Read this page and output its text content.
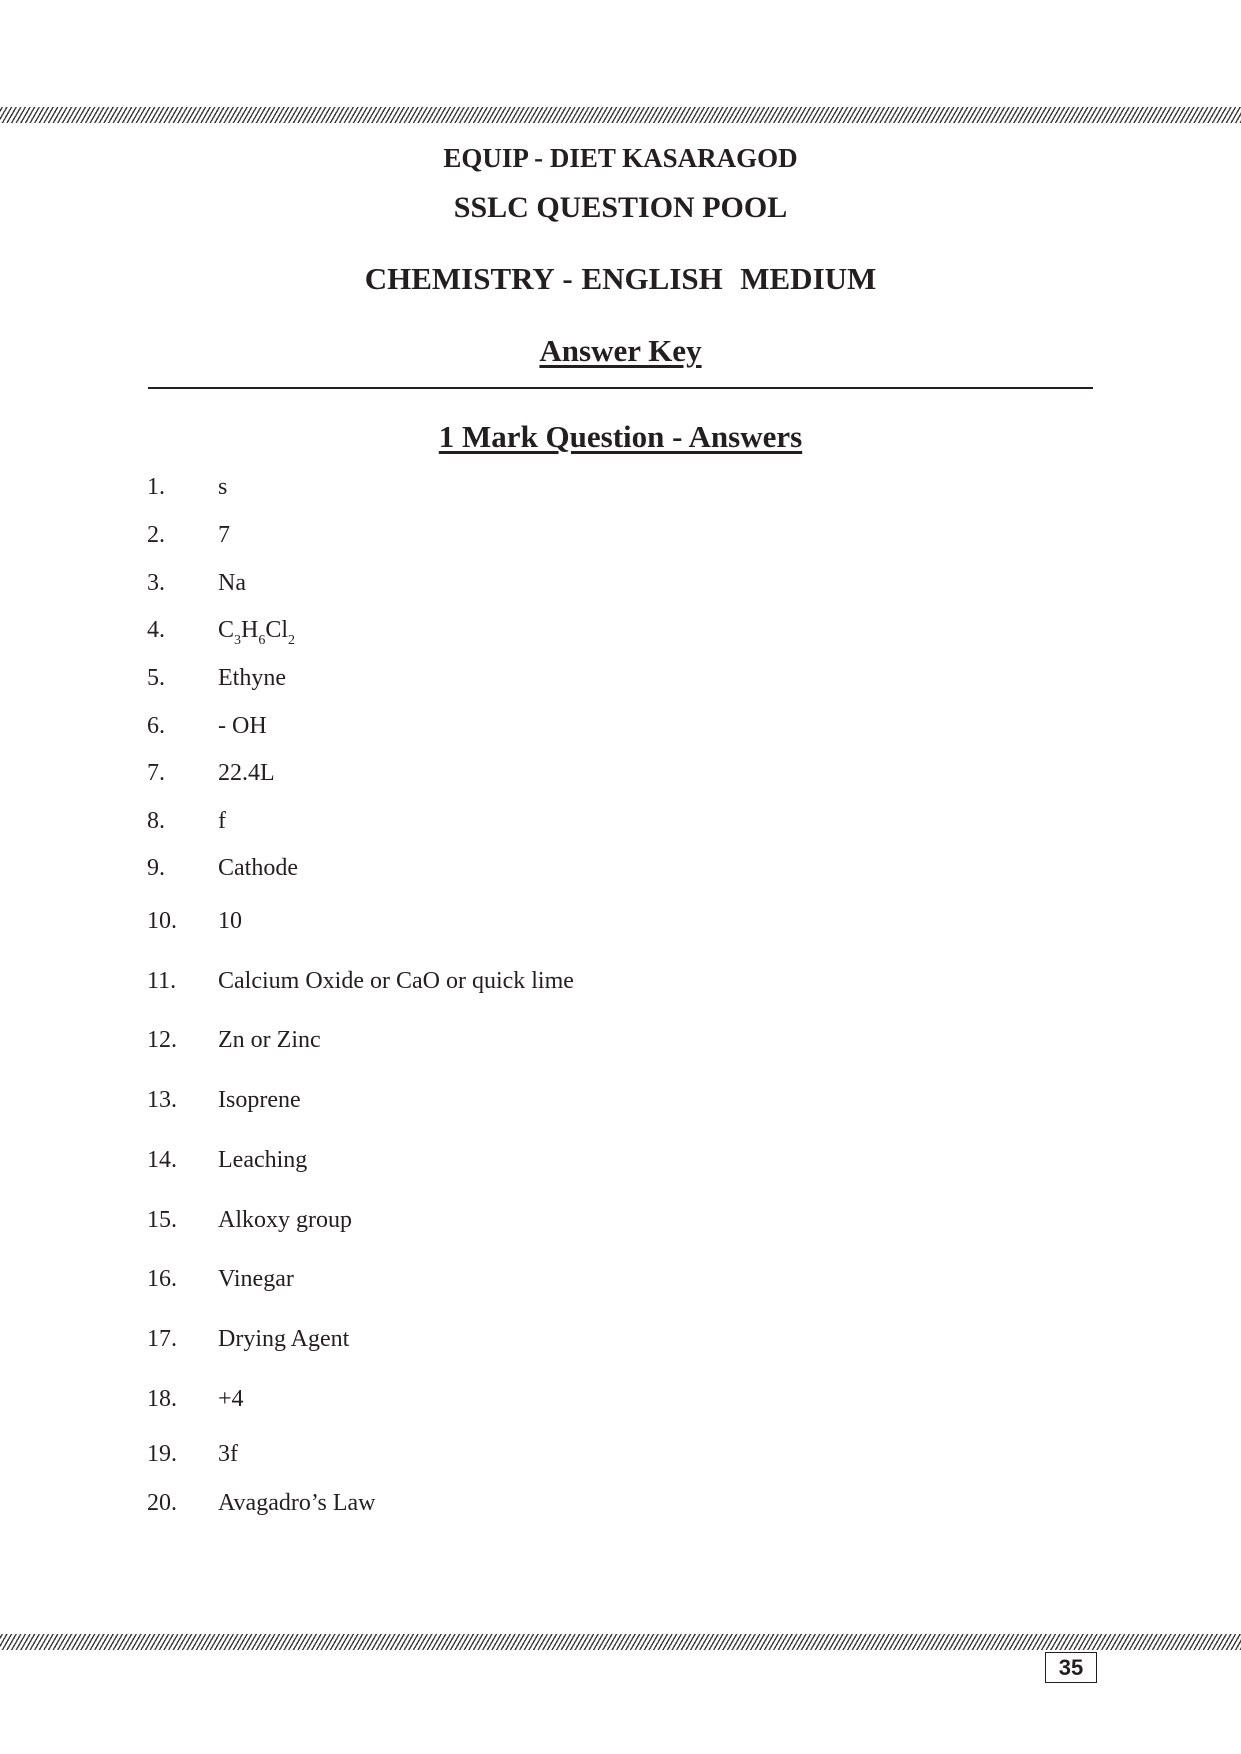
EQUIP - DIET KASARAGOD
SSLC QUESTION POOL
CHEMISTRY - ENGLISH  MEDIUM
Answer Key
1 Mark Question - Answers
1. s
2. 7
3. Na
4. $C_3H_6Cl_2$
5. Ethyne
6. - OH
7. 22.4L
8. f
9. Cathode
10. 10
11. Calcium Oxide or CaO or quick lime
12. Zn or Zinc
13. Isoprene
14. Leaching
15. Alkoxy group
16. Vinegar
17. Drying Agent
18. +4
19. 3f
20. Avagadro’s Law
35
